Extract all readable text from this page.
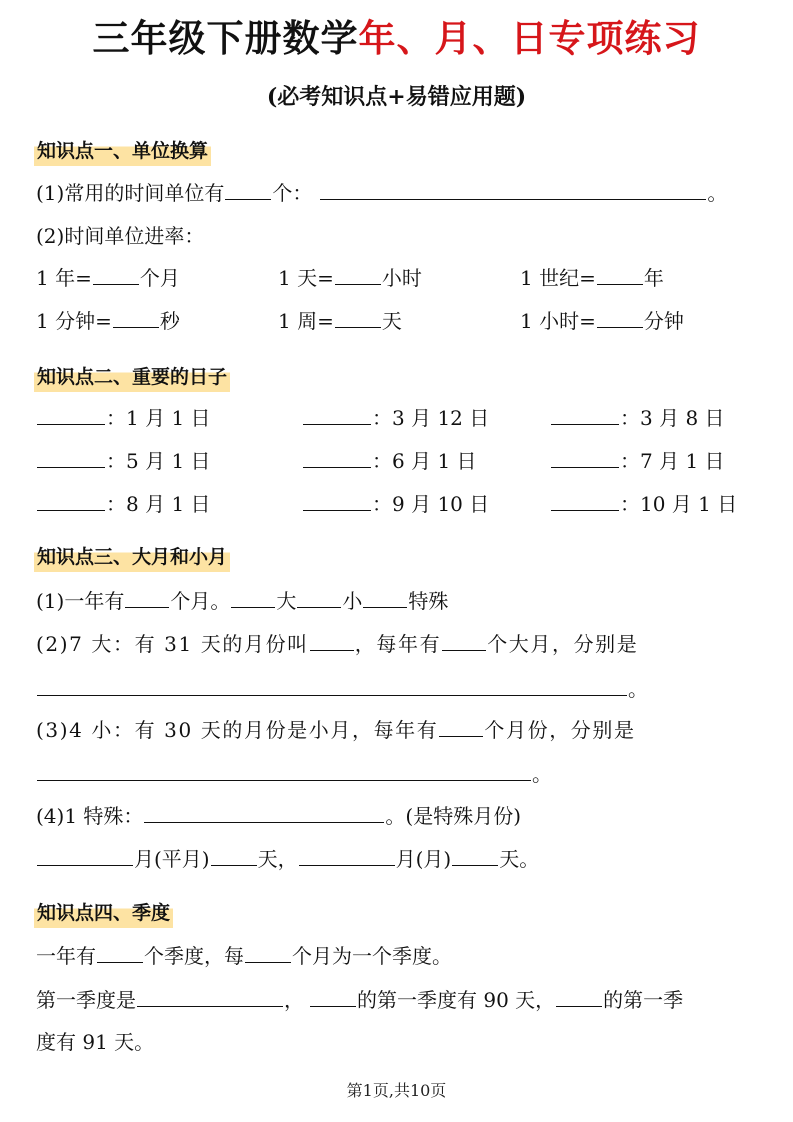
三年级下册数学年、月、日专项练习
(必考知识点+易错应用题)
知识点一、单位换算
(1)常用的时间单位有 个：	。
(2)时间单位进率：
1 年= 个月	1 天= 小时	1 世纪= 年
1 分钟= 秒	1 周= 天	1 小时= 分钟
知识点二、重要的日子
：1 月 1 日	：3 月 12 日	：3 月 8 日
：5 月 1 日	：6 月 1 日	：7 月 1 日
：8 月 1 日	：9 月 10 日	：10 月 1 日
知识点三、大月和小月
(1)一年有 个月。 大 小 特殊
(2)7 大：有 31 天的月份叫 ，每年有 个大月，分别是
。
(3)4 小：有 30 天的月份是小月，每年有 个月份，分别是
。
(4)1 特殊：	。(是特殊月份)
月(平月) 天，	月(月) 天。
知识点四、季度
一年有 个季度，每 个月为一个季度。
第一季度是	，	的第一季度有 90 天， 的第一季
度有 91 天。
第1页,共10页
